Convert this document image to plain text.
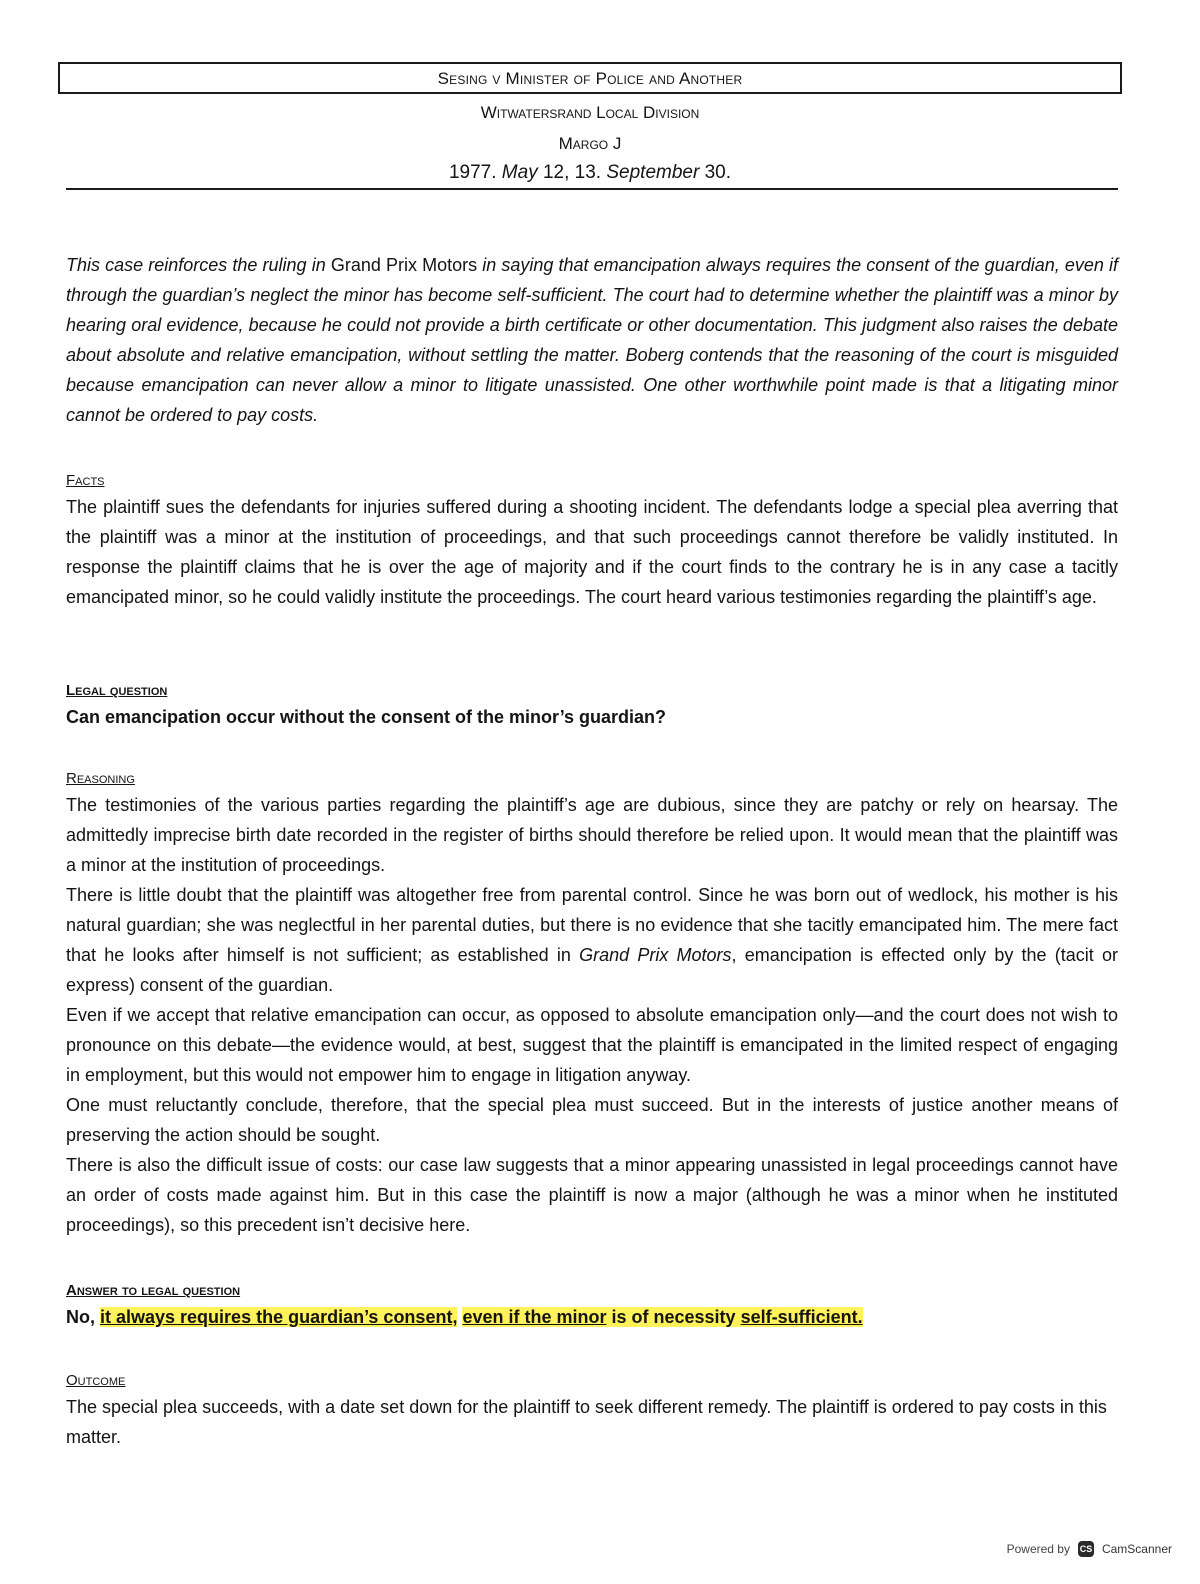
Sesing v Minister of Police and Another
Witwatersrand Local Division
Margo J
1977. May 12, 13. September 30.
This case reinforces the ruling in Grand Prix Motors in saying that emancipation always requires the consent of the guardian, even if through the guardian’s neglect the minor has become self-sufficient. The court had to determine whether the plaintiff was a minor by hearing oral evidence, because he could not provide a birth certificate or other documentation. This judgment also raises the debate about absolute and relative emancipation, without settling the matter. Boberg contends that the reasoning of the court is misguided because emancipation can never allow a minor to litigate unassisted. One other worthwhile point made is that a litigating minor cannot be ordered to pay costs.
Facts

The plaintiff sues the defendants for injuries suffered during a shooting incident. The defendants lodge a special plea averring that the plaintiff was a minor at the institution of proceedings, and that such proceedings cannot therefore be validly instituted. In response the plaintiff claims that he is over the age of majority and if the court finds to the contrary he is in any case a tacitly emancipated minor, so he could validly institute the proceedings. The court heard various testimonies regarding the plaintiff’s age.

Legal question
Can emancipation occur without the consent of the minor’s guardian?
Reasoning

The testimonies of the various parties regarding the plaintiff’s age are dubious, since they are patchy or rely on hearsay. The admittedly imprecise birth date recorded in the register of births should therefore be relied upon. It would mean that the plaintiff was a minor at the institution of proceedings.

There is little doubt that the plaintiff was altogether free from parental control. Since he was born out of wedlock, his mother is his natural guardian; she was neglectful in her parental duties, but there is no evidence that she tacitly emancipated him. The mere fact that he looks after himself is not sufficient; as established in Grand Prix Motors, emancipation is effected only by the (tacit or express) consent of the guardian.

Even if we accept that relative emancipation can occur, as opposed to absolute emancipation only—and the court does not wish to pronounce on this debate—the evidence would, at best, suggest that the plaintiff is emancipated in the limited respect of engaging in employment, but this would not empower him to engage in litigation anyway.

One must reluctantly conclude, therefore, that the special plea must succeed. But in the interests of justice another means of preserving the action should be sought.

There is also the difficult issue of costs: our case law suggests that a minor appearing unassisted in legal proceedings cannot have an order of costs made against him. But in this case the plaintiff is now a major (although he was a minor when he instituted proceedings), so this precedent isn’t decisive here.

Answer to legal question
No, it always requires the guardian’s consent, even if the minor is of necessity self-sufficient.
Outcome

The special plea succeeds, with a date set down for the plaintiff to seek different remedy. The plaintiff is ordered to pay costs in this matter.

Powered by CS CamScanner
